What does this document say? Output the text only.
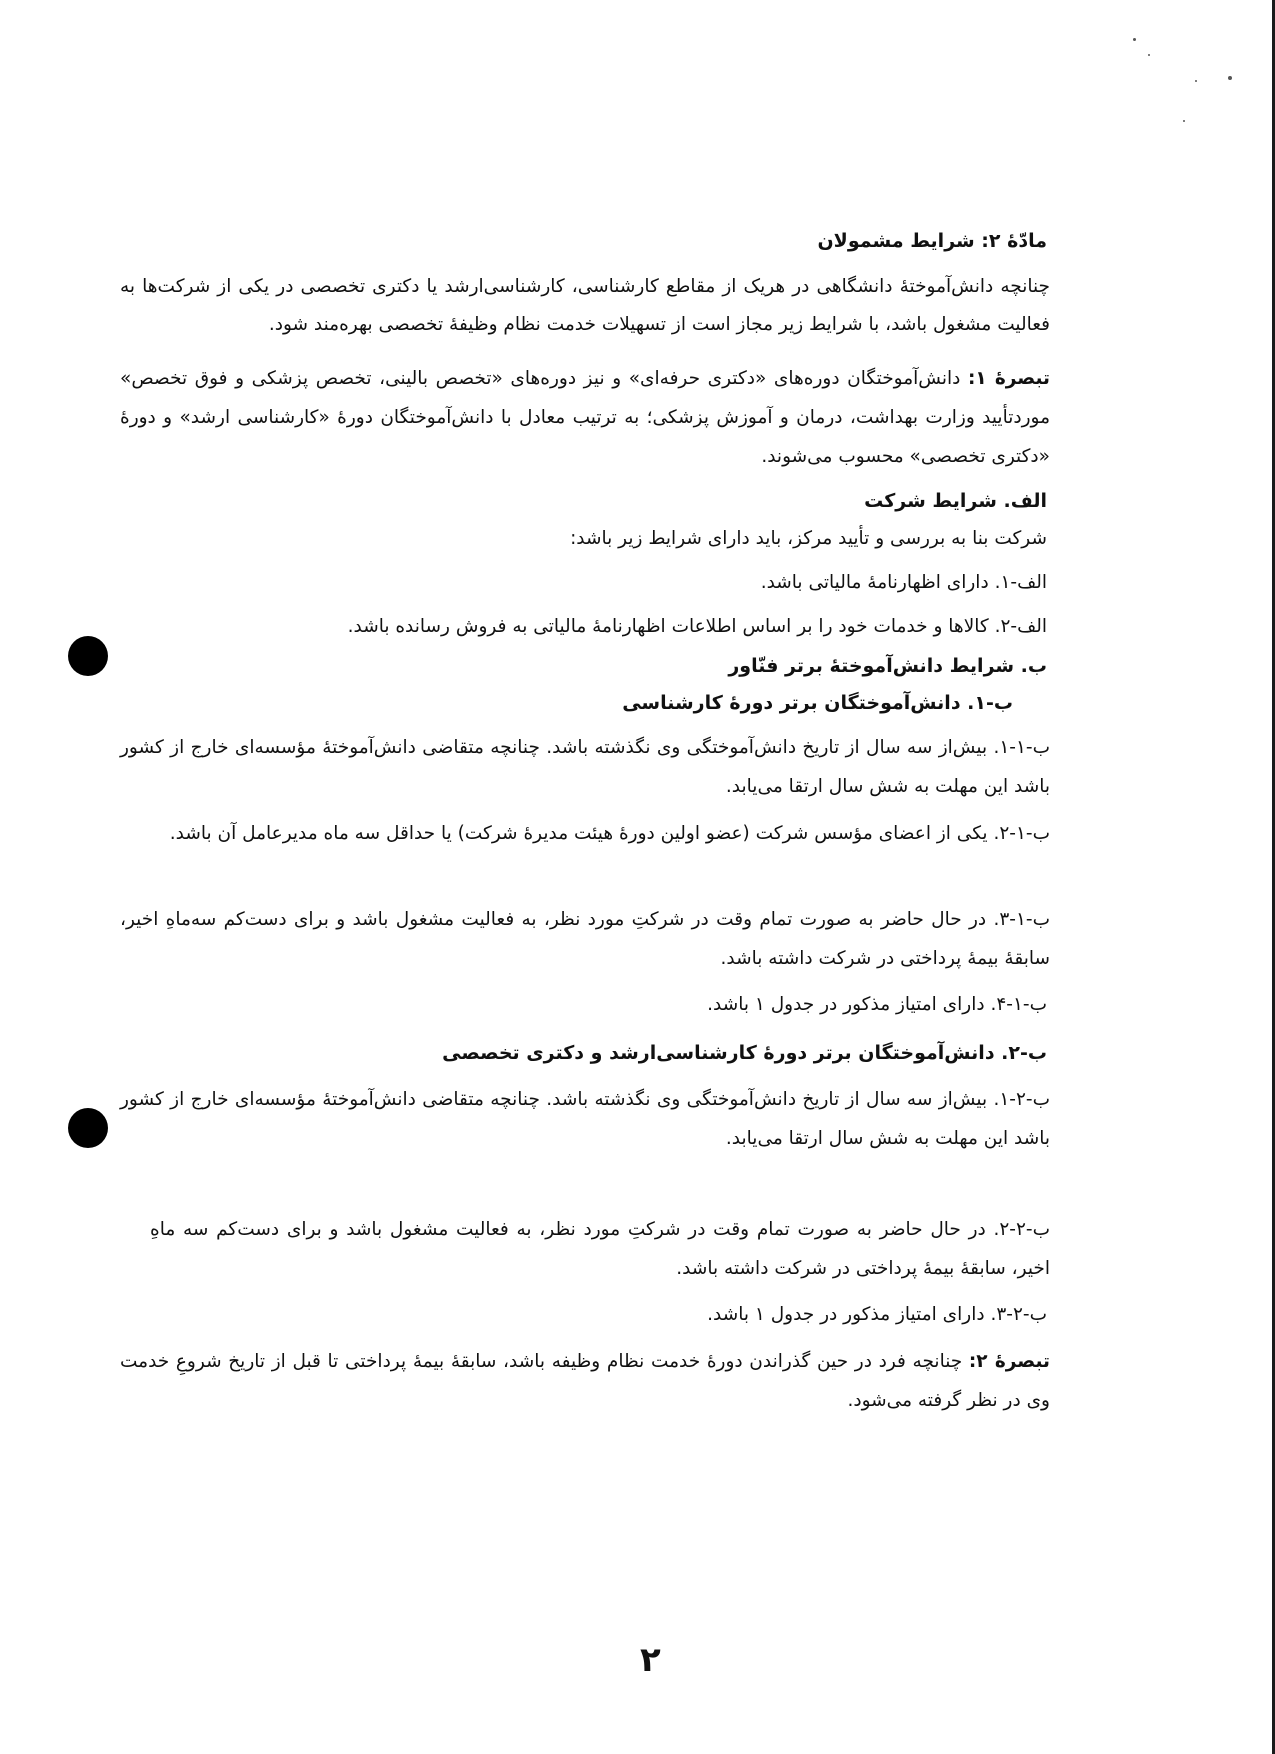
مادّهٔ ۲: شرایط مشمولان
چنانچه دانش‌آموختهٔ دانشگاهی در هریک از مقاطع کارشناسی، کارشناسی‌ارشد یا دکتری تخصصی در یکی از شرکت‌ها به فعالیت مشغول باشد، با شرایط زیر مجاز است از تسهیلات خدمت نظام وظیفهٔ تخصصی بهره‌مند شود.
تبصرهٔ ۱: دانش‌آموختگان دوره‌های «دکتری حرفه‌ای» و نیز دوره‌های «تخصص بالینی، تخصص پزشکی و فوق تخصص» موردتأیید وزارت بهداشت، درمان و آموزش پزشکی؛ به ترتیب معادل با دانش‌آموختگان دورهٔ «کارشناسی ارشد» و دورهٔ «دکتری تخصصی» محسوب می‌شوند.
الف. شرایط شرکت
شرکت بنا به بررسی و تأیید مرکز، باید دارای شرایط زیر باشد:
الف-۱. دارای اظهارنامهٔ مالیاتی باشد.
الف-۲. کالاها و خدمات خود را بر اساس اطلاعات اظهارنامهٔ مالیاتی به فروش رسانده باشد.
ب. شرایط دانش‌آموختهٔ برتر فنّاور
ب-۱. دانش‌آموختگان برتر دورهٔ کارشناسی
ب-۱-۱. بیش‌از سه سال از تاریخ دانش‌آموختگی وی نگذشته باشد. چنانچه متقاضی دانش‌آموختهٔ مؤسسه‌ای خارج از کشور باشد این مهلت به شش سال ارتقا می‌یابد.
ب-۱-۲. یکی از اعضای مؤسس شرکت (عضو اولین دورهٔ هیئت مدیرهٔ شرکت) یا حداقل سه ماه مدیرعامل آن باشد.
ب-۱-۳. در حال حاضر به صورت تمام وقت در شرکتِ مورد نظر، به فعالیت مشغول باشد و برای دست‌کم سه‌ماهِ اخیر، سابقهٔ بیمهٔ پرداختی در شرکت داشته باشد.
ب-۱-۴. دارای امتیاز مذکور در جدول ۱ باشد.
ب-۲. دانش‌آموختگان برتر دورهٔ کارشناسی‌ارشد و دکتری تخصصی
ب-۲-۱. بیش‌از سه سال از تاریخ دانش‌آموختگی وی نگذشته باشد. چنانچه متقاضی دانش‌آموختهٔ مؤسسه‌ای خارج از کشور باشد این مهلت به شش سال ارتقا می‌یابد.
ب-۲-۲. در حال حاضر به صورت تمام وقت در شرکتِ مورد نظر، به فعالیت مشغول باشد و برای دست‌کم سه ماهِ اخیر، سابقهٔ بیمهٔ پرداختی در شرکت داشته باشد.
ب-۲-۳. دارای امتیاز مذکور در جدول ۱ باشد.
تبصرهٔ ۲: چنانچه فرد در حین گذراندن دورهٔ خدمت نظام وظیفه باشد، سابقهٔ بیمهٔ پرداختی تا قبل از تاریخ شروعِ خدمت وی در نظر گرفته می‌شود.
۲
